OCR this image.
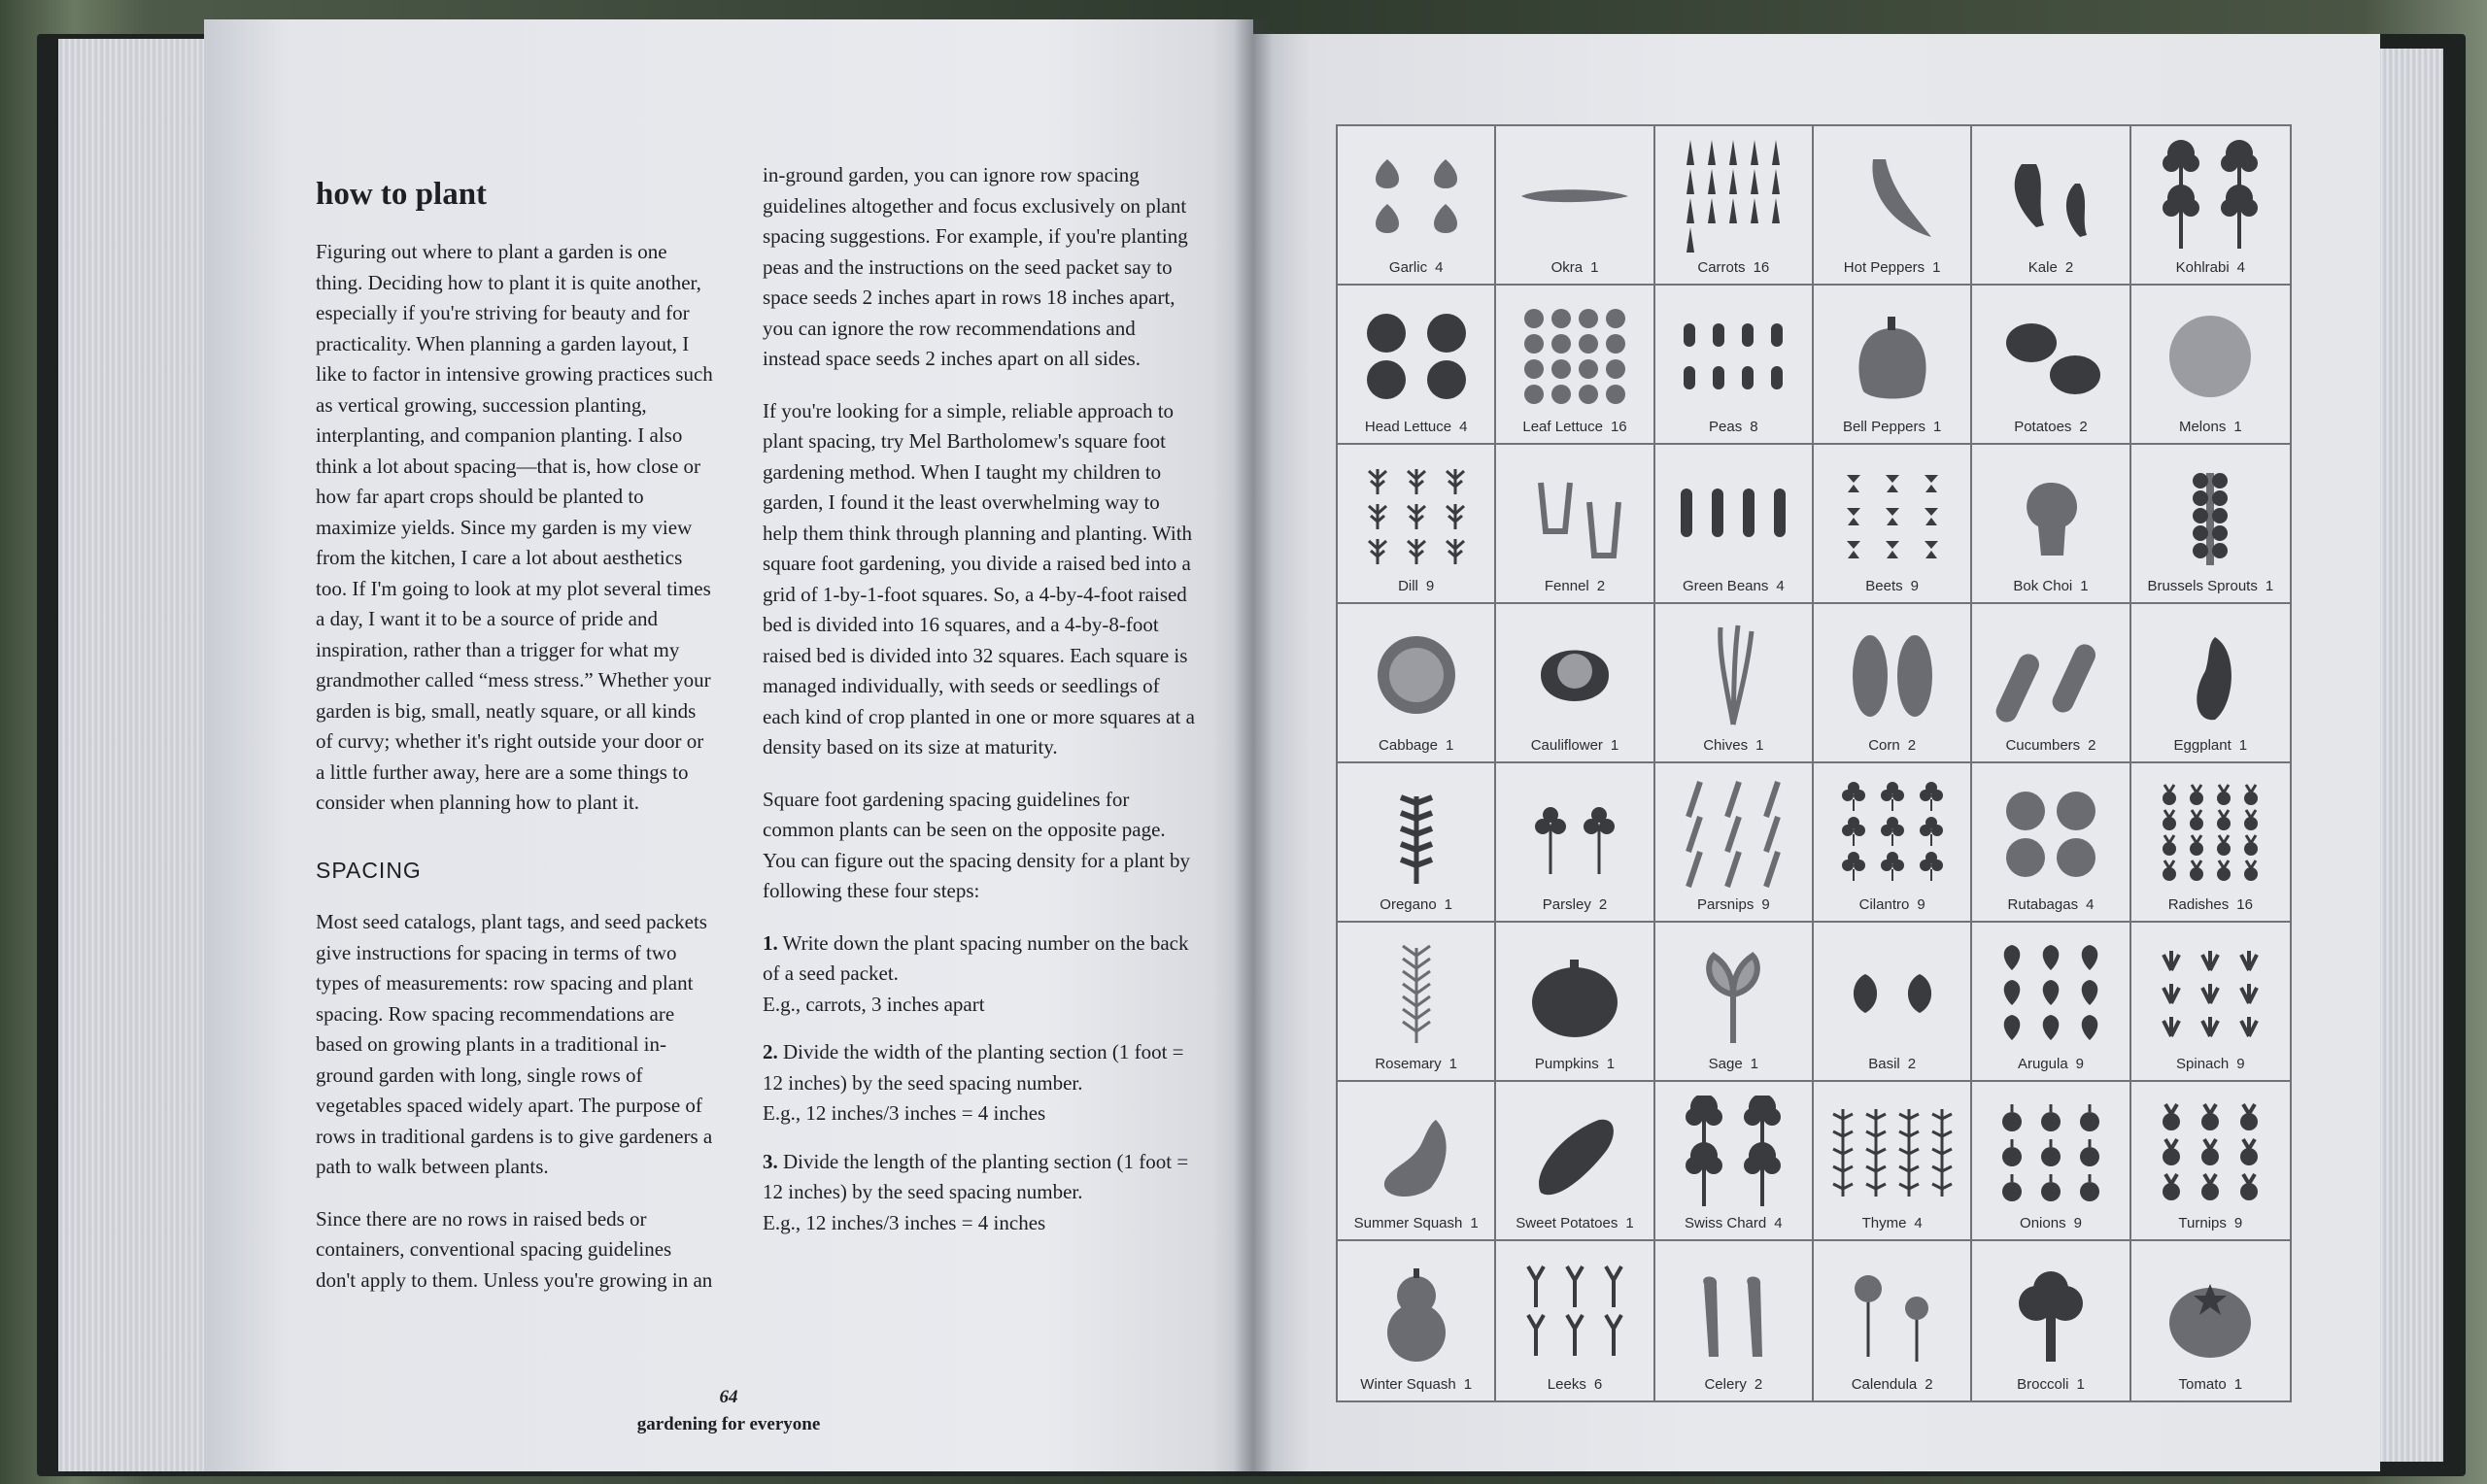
how to plant

Figuring out where to plant a garden is one thing. Deciding how to plant it is quite another, especially if you're striving for beauty and for practicality. When planning a garden layout, I like to factor in intensive growing practices such as vertical growing, succession planting, interplanting, and companion planting. I also think a lot about spacing—that is, how close or how far apart crops should be planted to maximize yields. Since my garden is my view from the kitchen, I care a lot about aesthetics too. If I'm going to look at my plot several times a day, I want it to be a source of pride and inspiration, rather than a trigger for what my grandmother called “mess stress.” Whether your garden is big, small, neatly square, or all kinds of curvy; whether it's right outside your door or a little further away, here are a some things to consider when planning how to plant it.

SPACING

Most seed catalogs, plant tags, and seed packets give instructions for spacing in terms of two types of measurements: row spacing and plant spacing. Row spacing recommendations are based on growing plants in a traditional in-ground garden with long, single rows of vegetables spaced widely apart. The purpose of rows in traditional gardens is to give gardeners a path to walk between plants.

Since there are no rows in raised beds or containers, conventional spacing guidelines don't apply to them. Unless you're growing in an

in-ground garden, you can ignore row spacing guidelines altogether and focus exclusively on plant spacing suggestions. For example, if you're planting peas and the instructions on the seed packet say to space seeds 2 inches apart in rows 18 inches apart, you can ignore the row recommendations and instead space seeds 2 inches apart on all sides.

If you're looking for a simple, reliable approach to plant spacing, try Mel Bartholomew's square foot gardening method. When I taught my children to garden, I found it the least overwhelming way to help them think through planning and planting. With square foot gardening, you divide a raised bed into a grid of 1-by-1-foot squares. So, a 4-by-4-foot raised bed is divided into 16 squares, and a 4-by-8-foot raised bed is divided into 32 squares. Each square is managed individually, with seeds or seedlings of each kind of crop planted in one or more squares at a density based on its size at maturity.

Square foot gardening spacing guidelines for common plants can be seen on the opposite page. You can figure out the spacing density for a plant by following these four steps:

1. Write down the plant spacing number on the back of a seed packet.
E.g., carrots, 3 inches apart
2. Divide the width of the planting section (1 foot = 12 inches) by the seed spacing number.
E.g., 12 inches/3 inches = 4 inches
3. Divide the length of the planting section (1 foot = 12 inches) by the seed spacing number.
E.g., 12 inches/3 inches = 4 inches
64
gardening for everyone
Garlic 4	Okra 1	Carrots 16	Hot Peppers 1	Kale 2	Kohlrabi 4
Head Lettuce 4	Leaf Lettuce 16	Peas 8	Bell Peppers 1	Potatoes 2	Melons 1
Dill 9	Fennel 2	Green Beans 4	Beets 9	Bok Choi 1	Brussels Sprouts 1
Cabbage 1	Cauliflower 1	Chives 1	Corn 2	Cucumbers 2	Eggplant 1
Oregano 1	Parsley 2	Parsnips 9	Cilantro 9	Rutabagas 4	Radishes 16
Rosemary 1	Pumpkins 1	Sage 1	Basil 2	Arugula 9	Spinach 9
Summer Squash 1	Sweet Potatoes 1	Swiss Chard 4	Thyme 4	Onions 9	Turnips 9
Winter Squash 1	Leeks 6	Celery 2	Calendula 2	Broccoli 1	Tomato 1
